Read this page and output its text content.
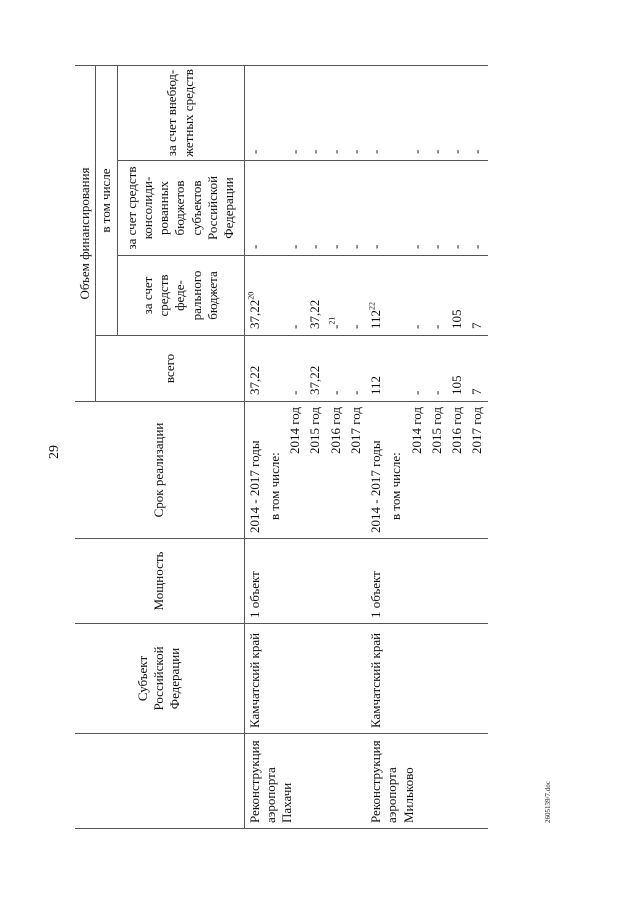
29
	Субъект Российской Федерации	Мощность	Срок реализации	Объем финансирования			
				всего	в том числе		
					за счет средств феде-рального бюджета	за счет средств консолиди-рованных бюджетов субъектов Российской Федерации	за счет внебюд-жетных средств
Реконструкция аэропорта Пахачи	Камчатский край	1 объект	2014 - 2017 годы	37,22	37,22$^{20}$	-	-
			в том числе:				
			2014 год	-	-	-	-
			2015 год	37,22	37,22	-	-
			2016 год	-	-$^{21}$	-	-
			2017 год	-	-	-	-
Реконструкция аэропорта Мильково	Камчатский край	1 объект	2014 - 2017 годы	112	$112^{22}$	-	-
			в том числе:				
			2014 год	-	-	-	-
			2015 год	-	-	-	-
			2016 год	105	105	-	-
			2017 год	7	7	-	-
2605139/7.doc
